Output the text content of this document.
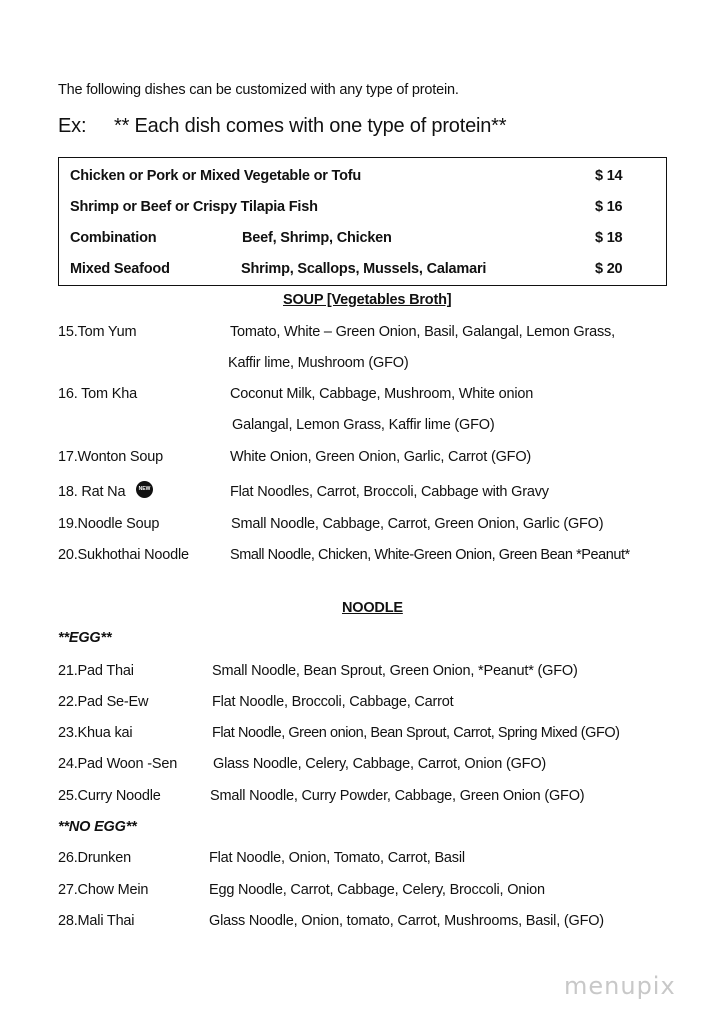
The following dishes can be customized with any type of protein.
Ex: ** Each dish comes with one type of protein**
Chicken or Pork or Mixed Vegetable or Tofu	$ 14
Shrimp or Beef or Crispy Tilapia Fish	$ 16
Combination	Beef, Shrimp, Chicken	$ 18
Mixed Seafood	Shrimp, Scallops, Mussels, Calamari	$ 20
SOUP [Vegetables Broth]
15.Tom Yum	Tomato, White – Green Onion, Basil, Galangal, Lemon Grass,
Kaffir lime, Mushroom (GFO)
16. Tom Kha	Coconut Milk, Cabbage, Mushroom, White onion
Galangal, Lemon Grass, Kaffir lime (GFO)
17.Wonton Soup	White Onion, Green Onion, Garlic, Carrot (GFO)
18. Rat Na	NEW	Flat Noodles, Carrot, Broccoli, Cabbage with Gravy
19.Noodle Soup	Small Noodle, Cabbage, Carrot, Green Onion, Garlic (GFO)
20.Sukhothai Noodle	Small Noodle, Chicken, White-Green Onion, Green Bean *Peanut*
NOODLE
**EGG**
21.Pad Thai	Small Noodle, Bean Sprout, Green Onion, *Peanut* (GFO)
22.Pad Se-Ew	Flat Noodle, Broccoli, Cabbage, Carrot
23.Khua kai	Flat Noodle, Green onion, Bean Sprout, Carrot, Spring Mixed (GFO)
24.Pad Woon -Sen Glass Noodle, Celery, Cabbage, Carrot, Onion (GFO)
25.Curry Noodle	Small Noodle, Curry Powder, Cabbage, Green Onion (GFO)
**NO EGG**
26.Drunken	Flat Noodle, Onion, Tomato, Carrot, Basil
27.Chow Mein	Egg Noodle, Carrot, Cabbage, Celery, Broccoli, Onion
28.Mali Thai	Glass Noodle, Onion, tomato, Carrot, Mushrooms, Basil, (GFO)
menupix
